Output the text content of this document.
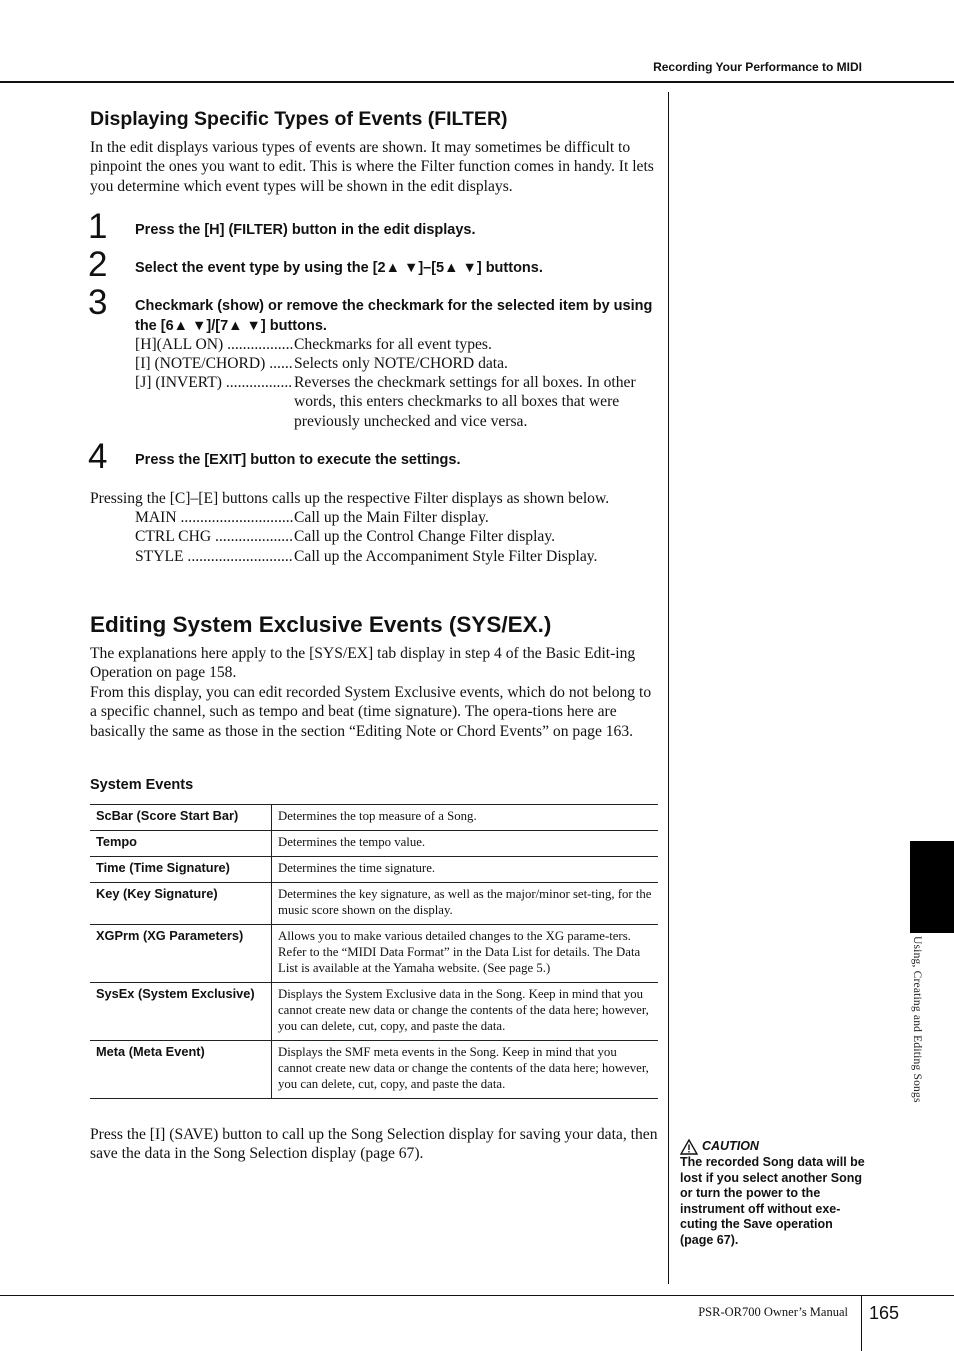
Recording Your Performance to MIDI
Using, Creating and Editing Songs
Displaying Specific Types of Events (FILTER)
In the edit displays various types of events are shown. It may sometimes be difficult to pinpoint the ones you want to edit. This is where the Filter function comes in handy. It lets you determine which event types will be shown in the edit displays.
1 Press the [H] (FILTER) button in the edit displays.
2 Select the event type by using the [2▲ ▼]–[5▲ ▼] buttons.
3 Checkmark (show) or remove the checkmark for the selected item by using the [6▲ ▼]/[7▲ ▼] buttons.
[H](ALL ON) .....	Checkmarks for all event types.
[I] (NOTE/CHORD) .....	Selects only NOTE/CHORD data.
[J] (INVERT) .....	Reverses the checkmark settings for all boxes. In other words, this enters checkmarks to all boxes that were previously unchecked and vice versa.
4 Press the [EXIT] button to execute the settings.
Pressing the [C]–[E] buttons calls up the respective Filter displays as shown below.
MAIN .....	Call up the Main Filter display.
CTRL CHG .....	Call up the Control Change Filter display.
STYLE .....	Call up the Accompaniment Style Filter Display.
Editing System Exclusive Events (SYS/EX.)
The explanations here apply to the [SYS/EX] tab display in step 4 of the Basic Edit-ing Operation on page 158.
From this display, you can edit recorded System Exclusive events, which do not belong to a specific channel, such as tempo and beat (time signature). The opera-tions here are basically the same as those in the section “Editing Note or Chord Events” on page 163.
System Events
ScBar (Score Start Bar)	Determines the top measure of a Song.
Tempo	Determines the tempo value.
Time (Time Signature)	Determines the time signature.
Key (Key Signature)	Determines the key signature, as well as the major/minor set-ting, for the music score shown on the display.
XGPrm (XG Parameters)	Allows you to make various detailed changes to the XG parame-ters. Refer to the “MIDI Data Format” in the Data List for details. The Data List is available at the Yamaha website. (See page 5.)
SysEx (System Exclusive)	Displays the System Exclusive data in the Song. Keep in mind that you cannot create new data or change the contents of the data here; however, you can delete, cut, copy, and paste the data.
Meta (Meta Event)	Displays the SMF meta events in the Song. Keep in mind that you cannot create new data or change the contents of the data here; however, you can delete, cut, copy, and paste the data.
Press the [I] (SAVE) button to call up the Song Selection display for saving your data, then save the data in the Song Selection display (page 67).	CAUTION
The recorded Song data will be lost if you select another Song or turn the power to the instrument off without exe-cuting the Save operation (page 67).
PSR-OR700 Owner’s Manual 165
